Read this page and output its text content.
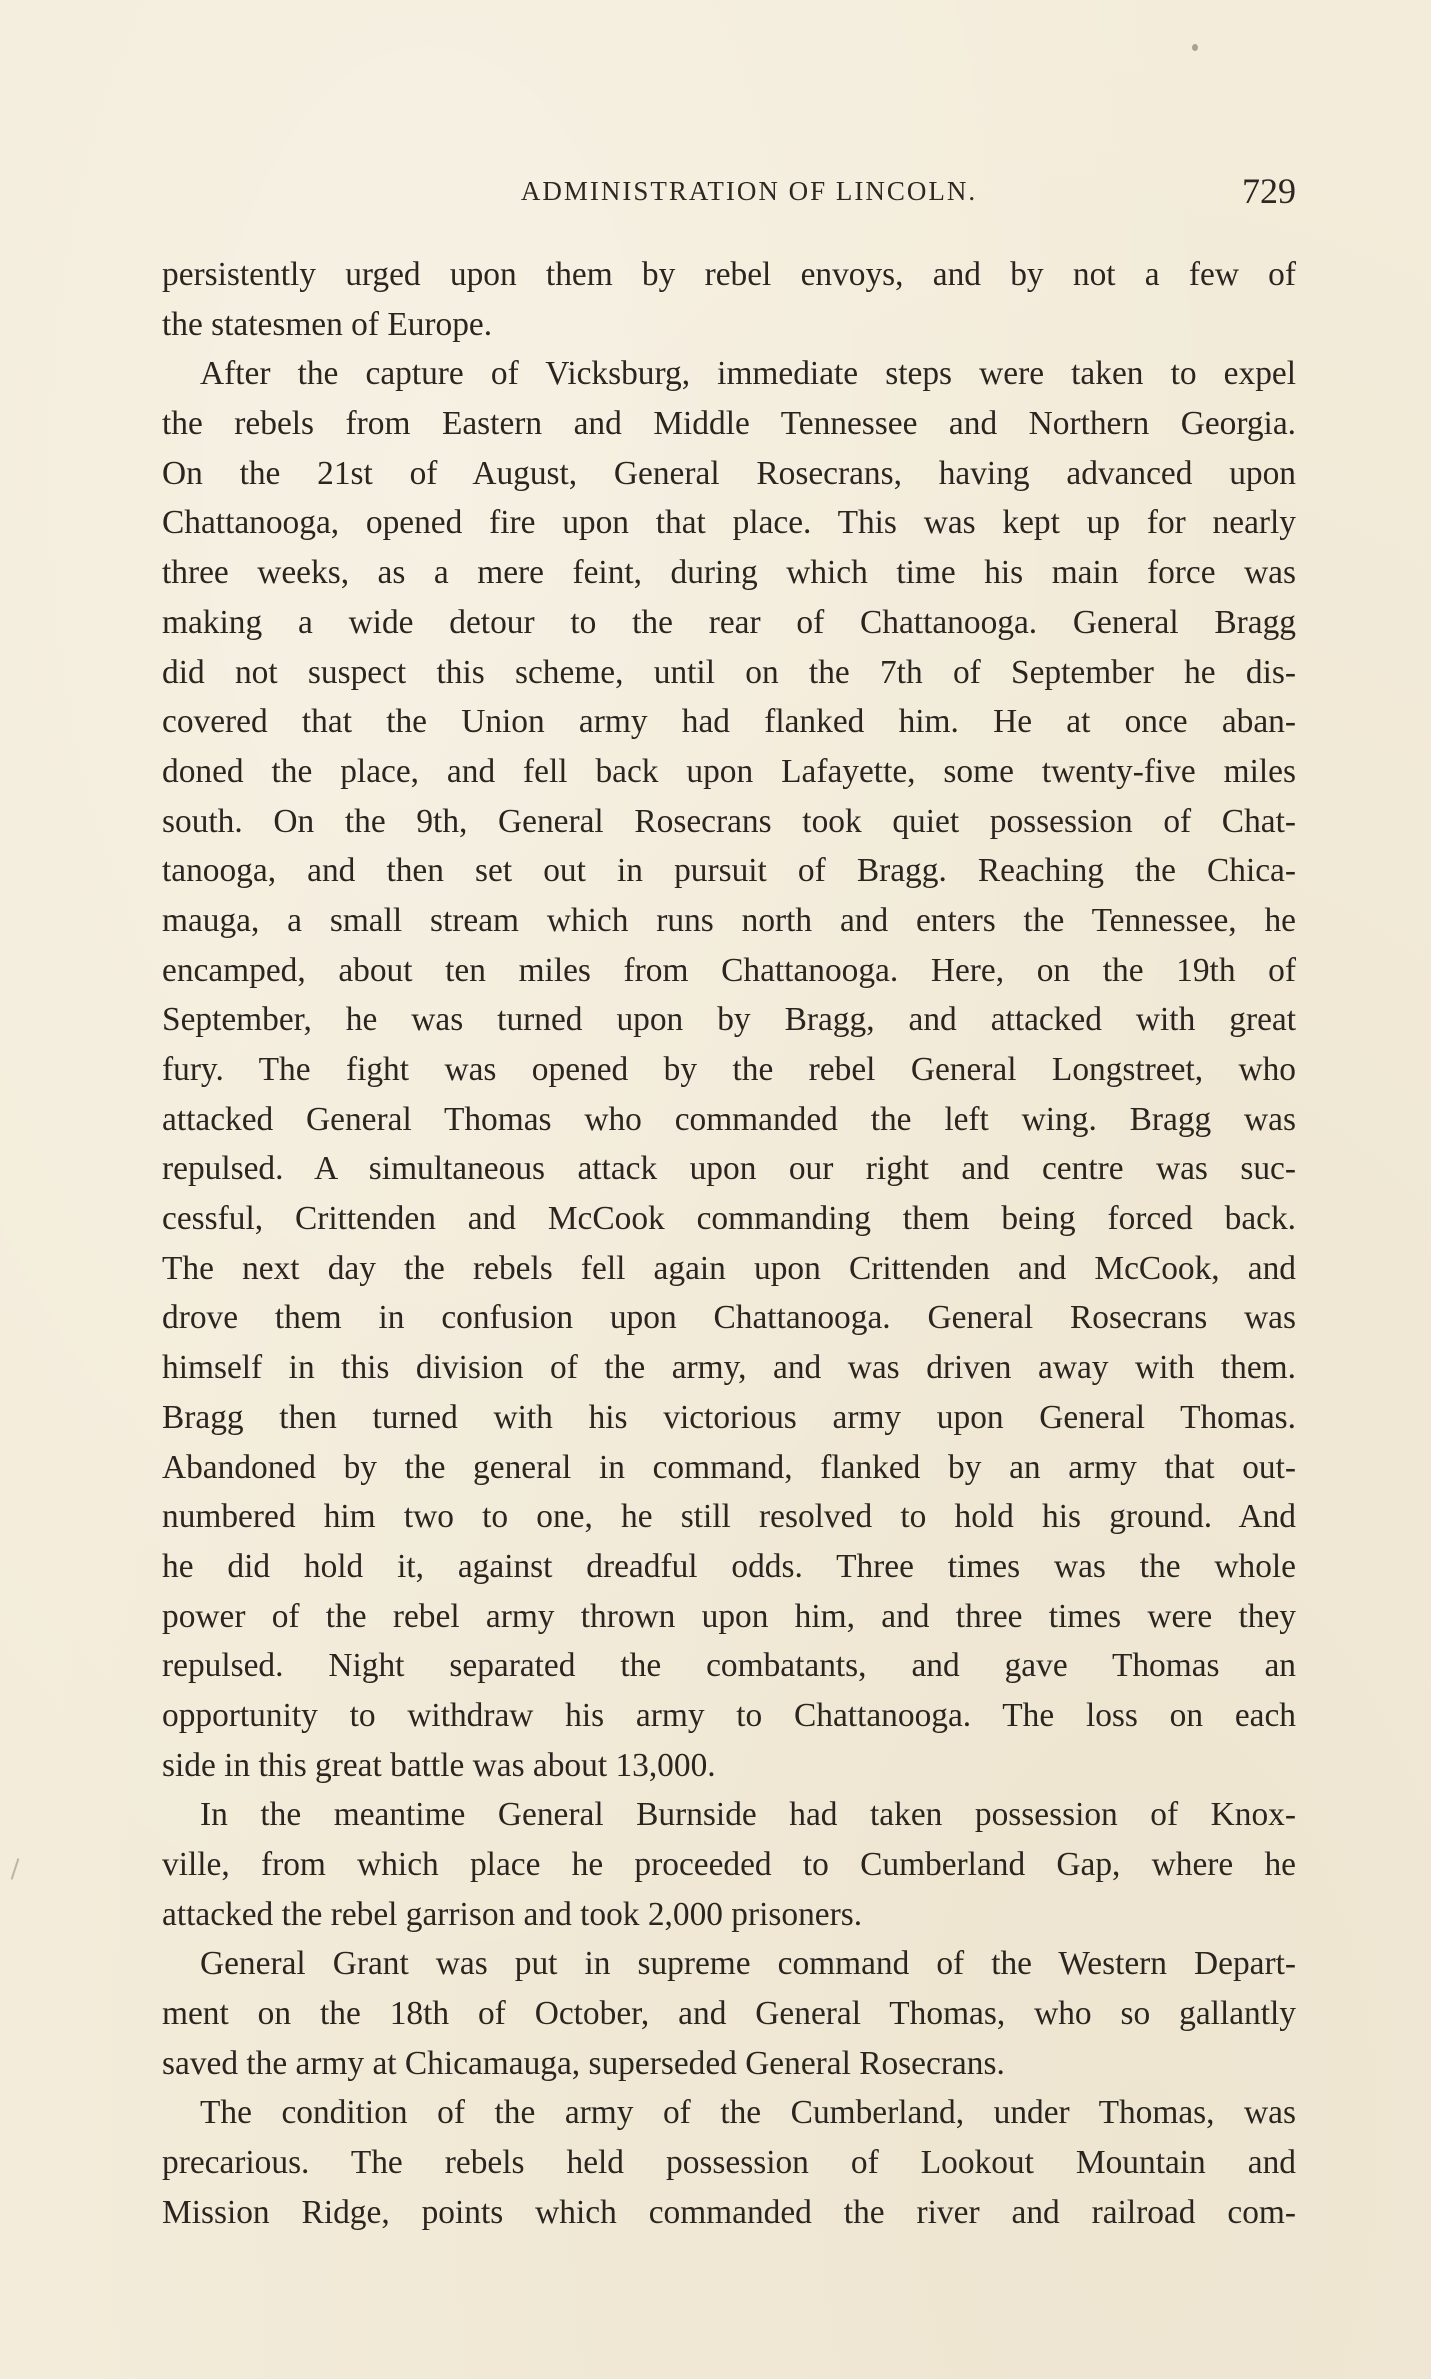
ADMINISTRATION OF LINCOLN.	729
persistently urged upon them by rebel envoys, and by not a few of
the statesmen of Europe.
After the capture of Vicksburg, immediate steps were taken to expel
the rebels from Eastern and Middle Tennessee and Northern Georgia.
On the 21st of August, General Rosecrans, having advanced upon
Chattanooga, opened fire upon that place. This was kept up for nearly
three weeks, as a mere feint, during which time his main force was
making a wide detour to the rear of Chattanooga. General Bragg
did not suspect this scheme, until on the 7th of September he dis-
covered that the Union army had flanked him. He at once aban-
doned the place, and fell back upon Lafayette, some twenty-five miles
south. On the 9th, General Rosecrans took quiet possession of Chat-
tanooga, and then set out in pursuit of Bragg. Reaching the Chica-
mauga, a small stream which runs north and enters the Tennessee, he
encamped, about ten miles from Chattanooga. Here, on the 19th of
September, he was turned upon by Bragg, and attacked with great
fury. The fight was opened by the rebel General Longstreet, who
attacked General Thomas who commanded the left wing. Bragg was
repulsed. A simultaneous attack upon our right and centre was suc-
cessful, Crittenden and McCook commanding them being forced back.
The next day the rebels fell again upon Crittenden and McCook, and
drove them in confusion upon Chattanooga. General Rosecrans was
himself in this division of the army, and was driven away with them.
Bragg then turned with his victorious army upon General Thomas.
Abandoned by the general in command, flanked by an army that out-
numbered him two to one, he still resolved to hold his ground. And
he did hold it, against dreadful odds. Three times was the whole
power of the rebel army thrown upon him, and three times were they
repulsed. Night separated the combatants, and gave Thomas an
opportunity to withdraw his army to Chattanooga. The loss on each
side in this great battle was about 13,000.
In the meantime General Burnside had taken possession of Knox-
ville, from which place he proceeded to Cumberland Gap, where he
attacked the rebel garrison and took 2,000 prisoners.
General Grant was put in supreme command of the Western Depart-
ment on the 18th of October, and General Thomas, who so gallantly
saved the army at Chicamauga, superseded General Rosecrans.
The condition of the army of the Cumberland, under Thomas, was
precarious. The rebels held possession of Lookout Mountain and
Mission Ridge, points which commanded the river and railroad com-
